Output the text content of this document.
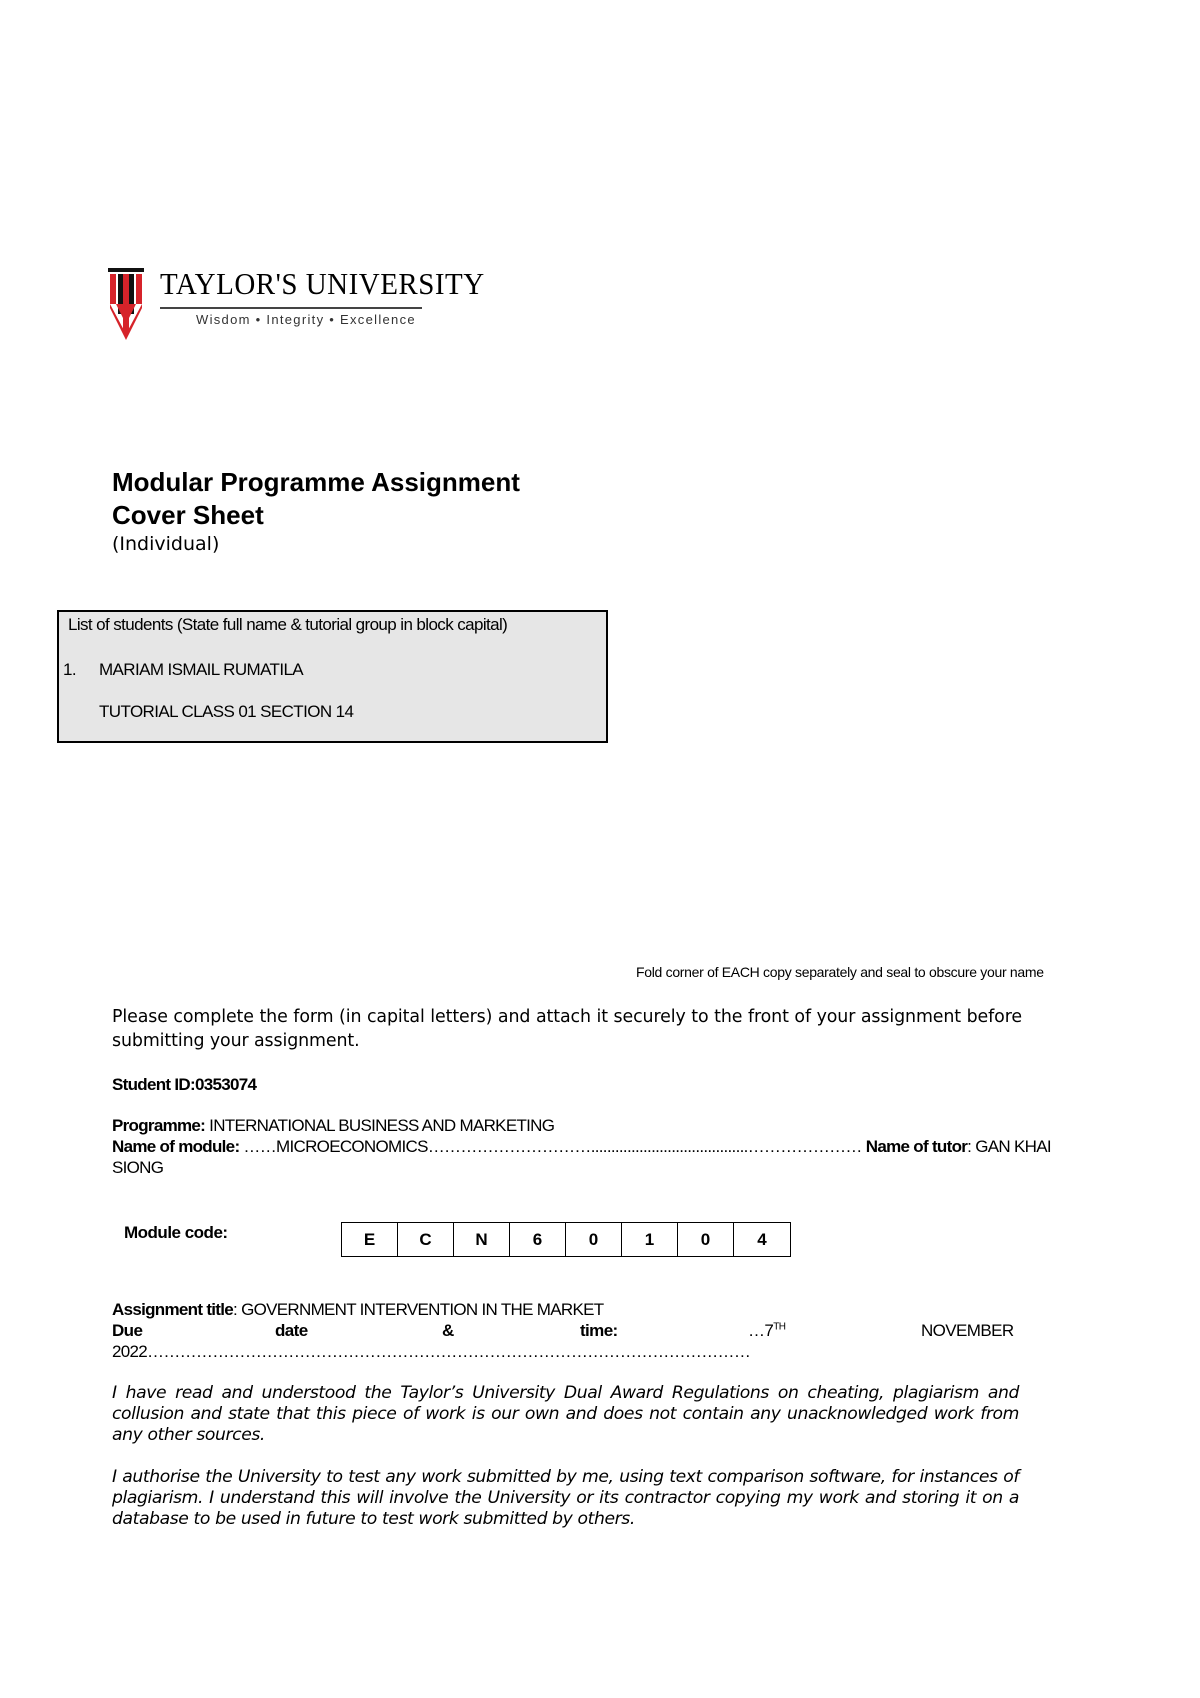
TAYLOR'S UNIVERSITY
Wisdom • Integrity • Excellence
Modular Programme Assignment
Cover Sheet
(Individual)
List of students (State full name & tutorial group in block capital)
1. MARIAM ISMAIL RUMATILA
TUTORIAL CLASS 01 SECTION 14
Fold corner of EACH copy separately and seal to obscure your name
Please complete the form (in capital letters) and attach it securely to the front of your assignment before submitting your assignment.
Student ID:0353074
Programme: INTERNATIONAL BUSINESS AND MARKETING
Name of module: ……MICROECONOMICS………………………….......................................………………… Name of tutor: GAN KHAI
SIONG
Module code:	E	C	N	6	0	1	0	4
Assignment title: GOVERNMENT INTERVENTION IN THE MARKET
Due	date	&	time:	…7TH	NOVEMBER
2022…………………………………………………………………………………………………
I have read and understood the Taylor’s University Dual Award Regulations on cheating, plagiarism and collusion and state that this piece of work is our own and does not contain any unacknowledged work from any other sources.
I authorise the University to test any work submitted by me, using text comparison software, for instances of plagiarism. I understand this will involve the University or its contractor copying my work and storing it on a database to be used in future to test work submitted by others.
